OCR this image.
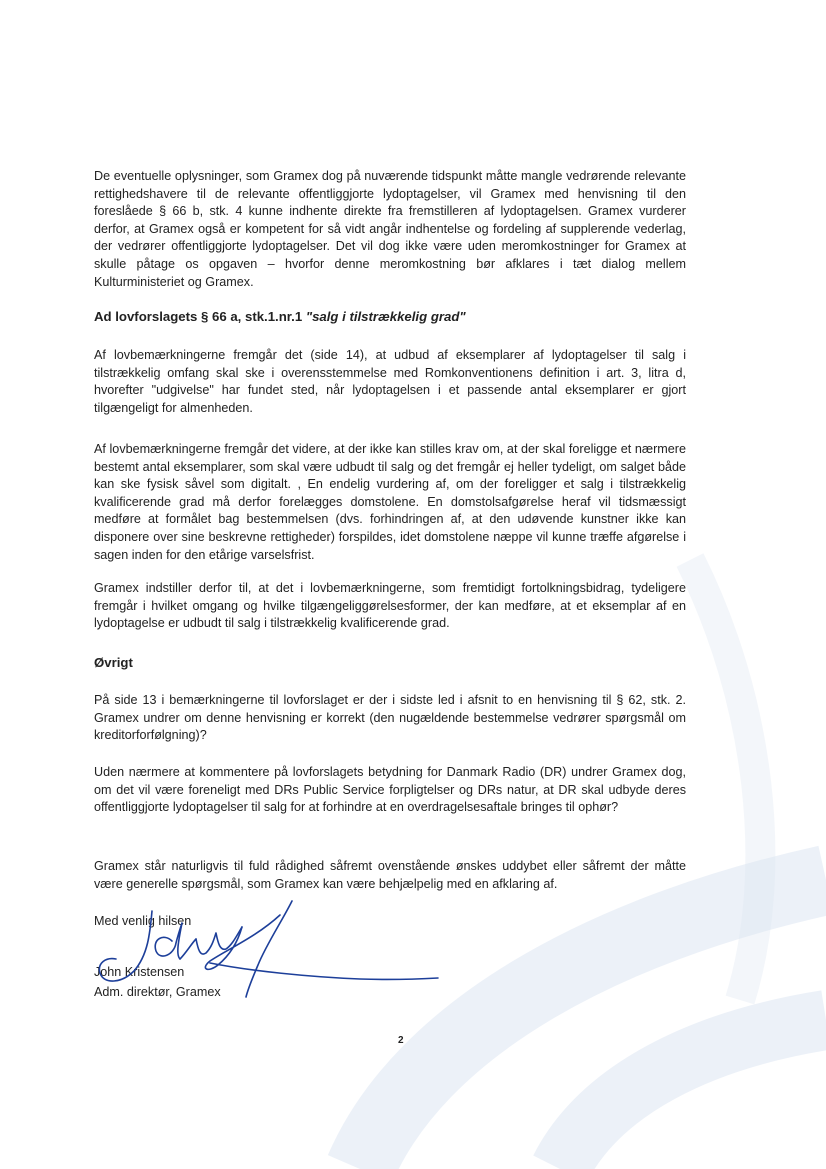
De eventuelle oplysninger, som Gramex dog på nuværende tidspunkt måtte mangle vedrørende relevante rettighedshavere til de relevante offentliggjorte lydoptagelser, vil Gramex med henvisning til den foreslåede § 66 b, stk. 4 kunne indhente direkte fra fremstilleren af lydoptagelsen. Gramex vurderer derfor, at Gramex også er kompetent for så vidt angår indhentelse og fordeling af supplerende vederlag, der vedrører offentliggjorte lydoptagelser. Det vil dog ikke være uden meromkostninger for Gramex at skulle påtage os opgaven – hvorfor denne meromkostning bør afklares i tæt dialog mellem Kulturministeriet og Gramex.

Ad lovforslagets § 66 a, stk.1.nr.1 "salg i tilstrækkelig grad"

Af lovbemærkningerne fremgår det (side 14), at udbud af eksemplarer af lydoptagelser til salg i tilstrækkelig omfang skal ske i overensstemmelse med Romkonventionens definition i art. 3, litra d, hvorefter "udgivelse" har fundet sted, når lydoptagelsen i et passende antal eksemplarer er gjort tilgængeligt for almenheden.

Af lovbemærkningerne fremgår det videre, at der ikke kan stilles krav om, at der skal foreligge et nærmere bestemt antal eksemplarer, som skal være udbudt til salg og det fremgår ej heller tydeligt, om salget både kan ske fysisk såvel som digitalt. , En endelig vurdering af, om der foreligger et salg i tilstrækkelig kvalificerende grad må derfor forelægges domstolene. En domstolsafgørelse heraf vil tidsmæssigt medføre at formålet bag bestemmelsen (dvs. forhindringen af, at den udøvende kunstner ikke kan disponere over sine beskrevne rettigheder) forspildes, idet domstolene næppe vil kunne træffe afgørelse i sagen inden for den etårige varselsfrist.

Gramex indstiller derfor til, at det i lovbemærkningerne, som fremtidigt fortolkningsbidrag, tydeligere fremgår i hvilket omgang og hvilke tilgængeliggørelsesformer, der kan medføre, at et eksemplar af en lydoptagelse er udbudt til salg i tilstrækkelig kvalificerende grad.

Øvrigt

På side 13 i bemærkningerne til lovforslaget er der i sidste led i afsnit to en henvisning til § 62, stk. 2. Gramex undrer om denne henvisning er korrekt (den nugældende bestemmelse vedrører spørgsmål om kreditorforfølgning)?

Uden nærmere at kommentere på lovforslagets betydning for Danmark Radio (DR) undrer Gramex dog, om det vil være foreneligt med DRs Public Service forpligtelser og DRs natur, at DR skal udbyde deres offentliggjorte lydoptagelser til salg for at forhindre at en overdragelsesaftale bringes til ophør?

Gramex står naturligvis til fuld rådighed såfremt ovenstående ønskes uddybet eller såfremt der måtte være generelle spørgsmål, som Gramex kan være behjælpelig med en afklaring af.

Med venlig hilsen

John Kristensen

Adm. direktør, Gramex

2
